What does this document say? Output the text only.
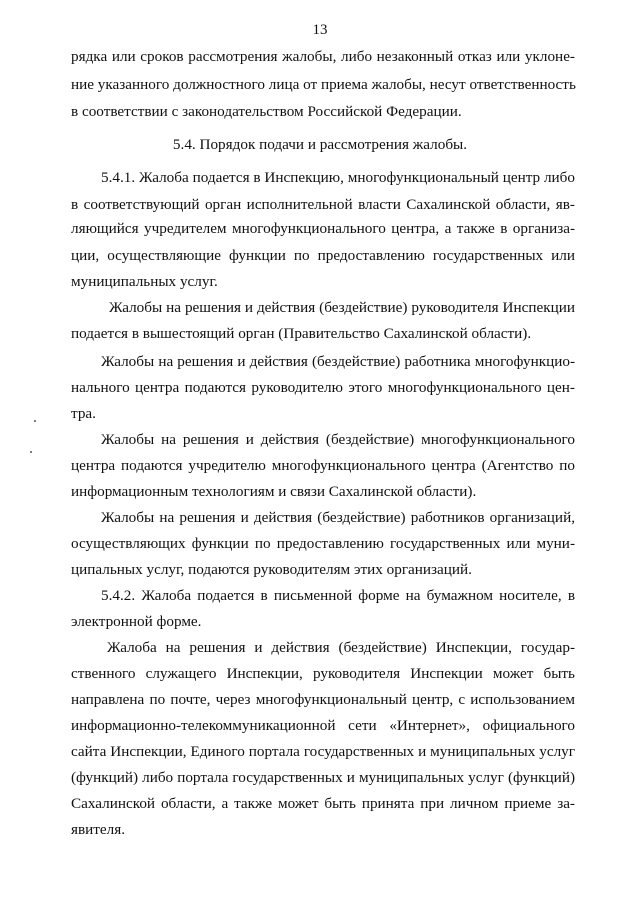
13

рядка или сроков рассмотрения жалобы, либо незаконный отказ или уклоне-

ние указанного должностного лица от приема жалобы, несут ответственность

в соответствии с законодательством Российской Федерации.

5.4. Порядок подачи и рассмотрения жалобы.

5.4.1. Жалоба подается в Инспекцию, многофункциональный центр либо

в соответствующий орган исполнительной власти Сахалинской области, яв-

ляющийся учредителем многофункционального центра, а также в организа-

ции, осуществляющие функции по предоставлению государственных или

муниципальных услуг.

Жалобы на решения и действия (бездействие) руководителя Инспекции

подается в вышестоящий орган (Правительство Сахалинской области).

Жалобы на решения и действия (бездействие) работника многофункцио-

нального центра подаются руководителю этого многофункционального цен-

тра.

Жалобы на решения и действия (бездействие) многофункционального

центра подаются учредителю многофункционального центра (Агентство по

информационным технологиям и связи Сахалинской области).

Жалобы на решения и действия (бездействие) работников организаций,

осуществляющих функции по предоставлению государственных или муни-

ципальных услуг, подаются руководителям этих организаций.

5.4.2. Жалоба подается в письменной форме на бумажном носителе, в

электронной форме.

Жалоба на решения и действия (бездействие) Инспекции, государ-

ственного служащего Инспекции, руководителя Инспекции может быть

направлена по почте, через многофункциональный центр, с использованием

информационно-телекоммуникационной сети «Интернет», официального

сайта Инспекции, Единого портала государственных и муниципальных услуг

(функций) либо портала государственных и муниципальных услуг (функций)

Сахалинской области, а также может быть принята при личном приеме за-

явителя.
